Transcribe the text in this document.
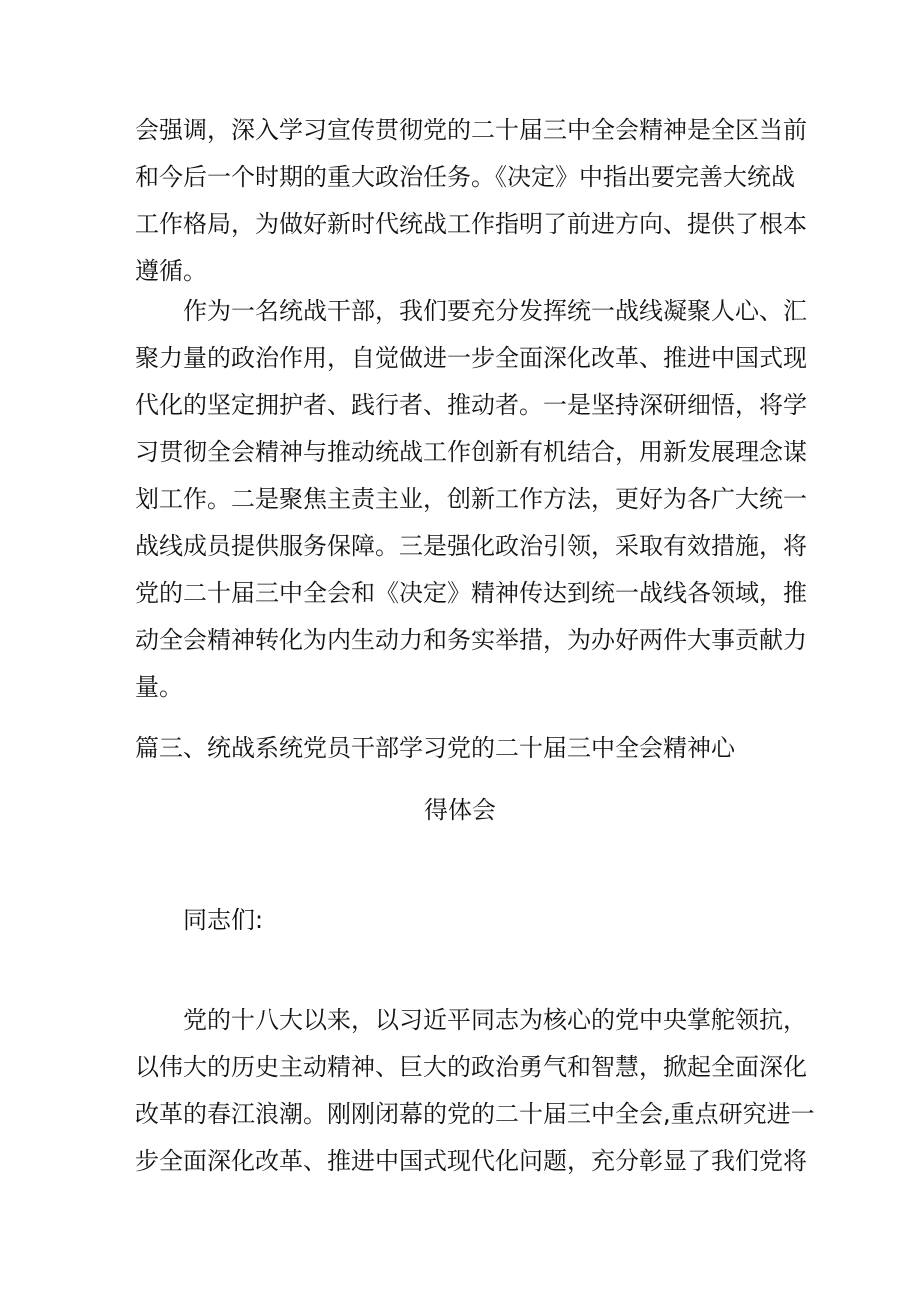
会强调，深入学习宣传贯彻党的二十届三中全会精神是全区当前
和今后一个时期的重大政治任务。《决定》中指出要完善大统战
工作格局，为做好新时代统战工作指明了前进方向、提供了根本
遵循。
作为一名统战干部，我们要充分发挥统一战线凝聚人心、汇
聚力量的政治作用，自觉做进一步全面深化改革、推进中国式现
代化的坚定拥护者、践行者、推动者。一是坚持深研细悟，将学
习贯彻全会精神与推动统战工作创新有机结合，用新发展理念谋
划工作。二是聚焦主责主业，创新工作方法，更好为各广大统一
战线成员提供服务保障。三是强化政治引领，采取有效措施，将
党的二十届三中全会和《决定》精神传达到统一战线各领域，推
动全会精神转化为内生动力和务实举措，为办好两件大事贡献力
量。
篇三、统战系统党员干部学习党的二十届三中全会精神心
得体会
同志们:
党的十八大以来，以习近平同志为核心的党中央掌舵领抗，
以伟大的历史主动精神、巨大的政治勇气和智慧，掀起全面深化
改革的春江浪潮。刚刚闭幕的党的二十届三中全会,重点研究进一
步全面深化改革、推进中国式现代化问题，充分彰显了我们党将
